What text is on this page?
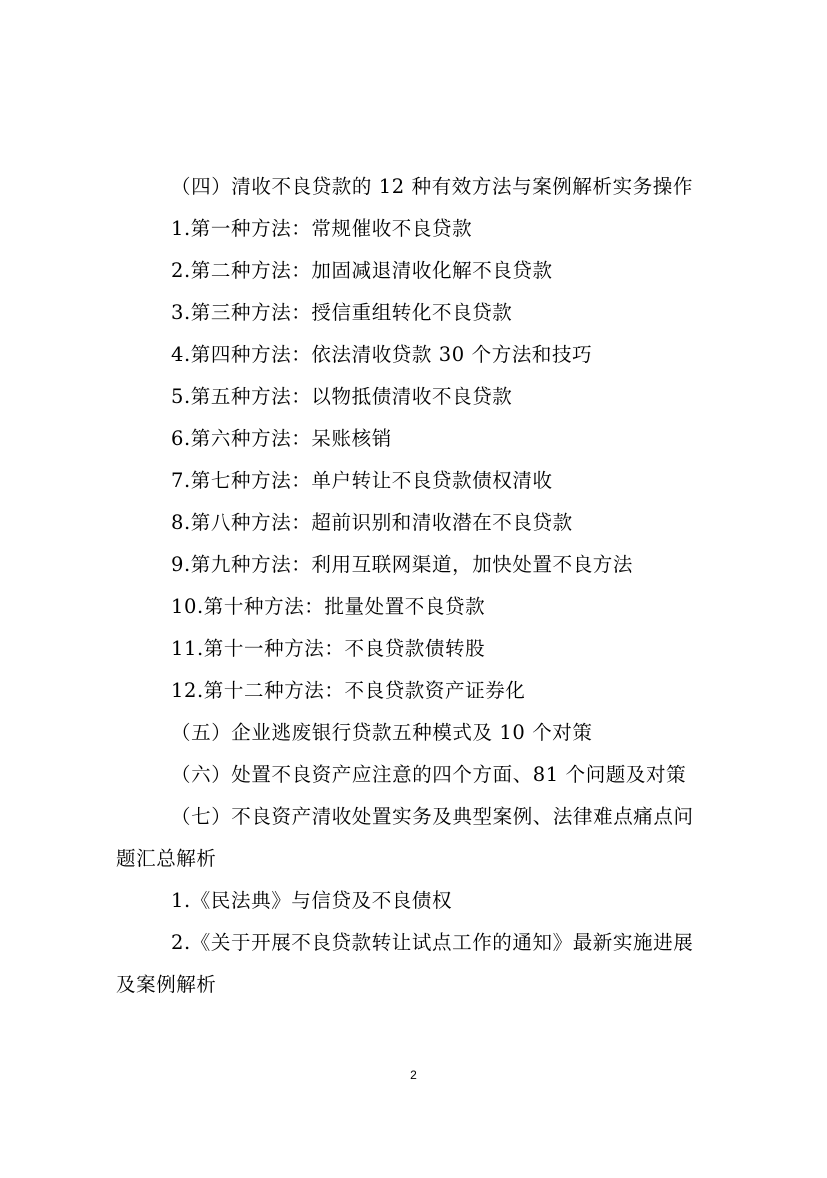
（四）清收不良贷款的 12 种有效方法与案例解析实务操作
1.第一种方法：常规催收不良贷款
2.第二种方法：加固减退清收化解不良贷款
3.第三种方法：授信重组转化不良贷款
4.第四种方法：依法清收贷款 30 个方法和技巧
5.第五种方法：以物抵债清收不良贷款
6.第六种方法：呆账核销
7.第七种方法：单户转让不良贷款债权清收
8.第八种方法：超前识别和清收潜在不良贷款
9.第九种方法：利用互联网渠道，加快处置不良方法
10.第十种方法：批量处置不良贷款
11.第十一种方法：不良贷款债转股
12.第十二种方法：不良贷款资产证券化
（五）企业逃废银行贷款五种模式及 10 个对策
（六）处置不良资产应注意的四个方面、81 个问题及对策
（七）不良资产清收处置实务及典型案例、法律难点痛点问
题汇总解析
1.《民法典》与信贷及不良债权
2.《关于开展不良贷款转让试点工作的通知》最新实施进展
及案例解析
2
